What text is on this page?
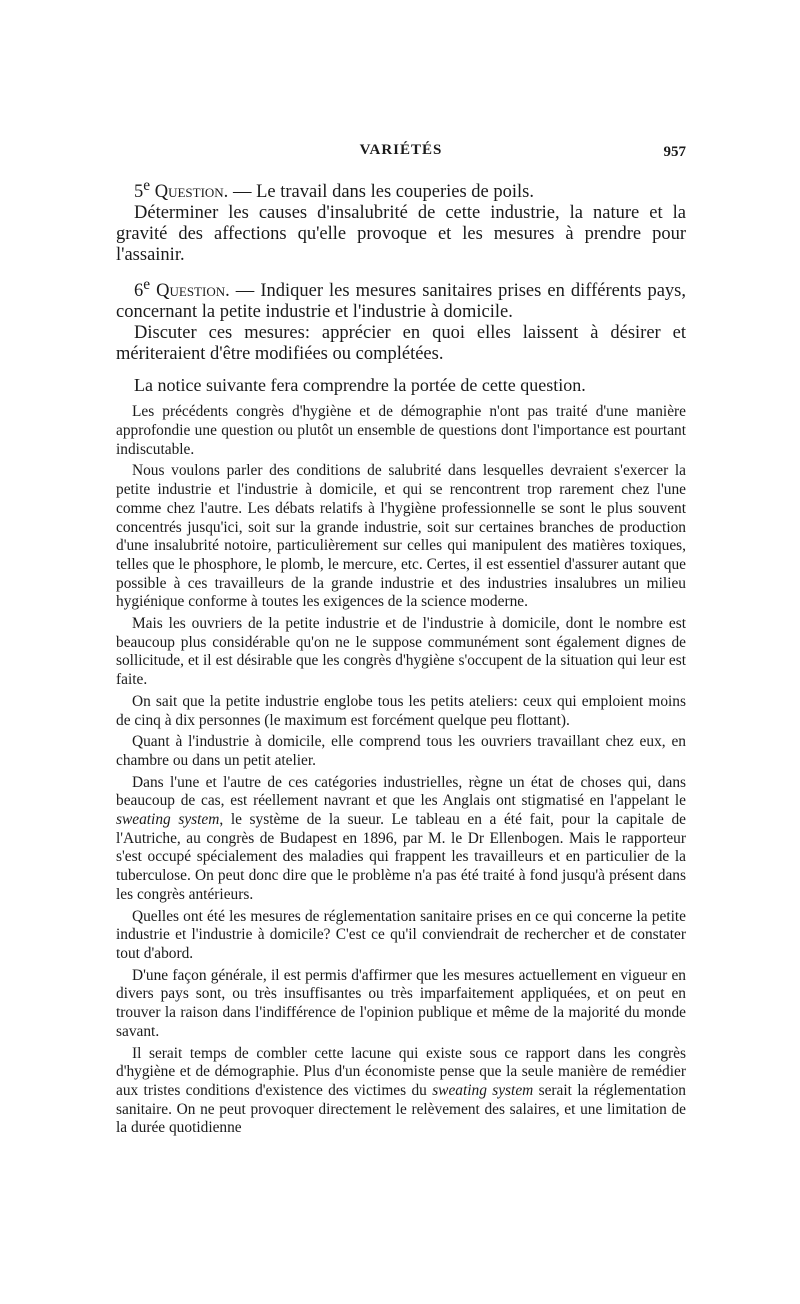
VARIÉTÉS	957

5e Question. — Le travail dans les couperies de poils.

Déterminer les causes d'insalubrité de cette industrie, la nature et la gravité des affections qu'elle provoque et les mesures à prendre pour l'assainir.

6e Question. — Indiquer les mesures sanitaires prises en différents pays, concernant la petite industrie et l'industrie à domicile.

Discuter ces mesures: apprécier en quoi elles laissent à désirer et mériteraient d'être modifiées ou complétées.

La notice suivante fera comprendre la portée de cette question.

Les précédents congrès d'hygiène et de démographie n'ont pas traité d'une manière approfondie une question ou plutôt un ensemble de questions dont l'importance est pourtant indiscutable.

Nous voulons parler des conditions de salubrité dans lesquelles devraient s'exercer la petite industrie et l'industrie à domicile, et qui se rencontrent trop rarement chez l'une comme chez l'autre. Les débats relatifs à l'hygiène professionnelle se sont le plus souvent concentrés jusqu'ici, soit sur la grande industrie, soit sur certaines branches de production d'une insalubrité notoire, particulièrement sur celles qui manipulent des matières toxiques, telles que le phosphore, le plomb, le mercure, etc. Certes, il est essentiel d'assurer autant que possible à ces travailleurs de la grande industrie et des industries insalubres un milieu hygiénique conforme à toutes les exigences de la science moderne.

Mais les ouvriers de la petite industrie et de l'industrie à domicile, dont le nombre est beaucoup plus considérable qu'on ne le suppose communément sont également dignes de sollicitude, et il est désirable que les congrès d'hygiène s'occupent de la situation qui leur est faite.

On sait que la petite industrie englobe tous les petits ateliers: ceux qui emploient moins de cinq à dix personnes (le maximum est forcément quelque peu flottant).

Quant à l'industrie à domicile, elle comprend tous les ouvriers travaillant chez eux, en chambre ou dans un petit atelier.

Dans l'une et l'autre de ces catégories industrielles, règne un état de choses qui, dans beaucoup de cas, est réellement navrant et que les Anglais ont stigmatisé en l'appelant le sweating system, le système de la sueur. Le tableau en a été fait, pour la capitale de l'Autriche, au congrès de Budapest en 1896, par M. le Dr Ellenbogen. Mais le rapporteur s'est occupé spécialement des maladies qui frappent les travailleurs et en particulier de la tuberculose. On peut donc dire que le problème n'a pas été traité à fond jusqu'à présent dans les congrès antérieurs.

Quelles ont été les mesures de réglementation sanitaire prises en ce qui concerne la petite industrie et l'industrie à domicile? C'est ce qu'il conviendrait de rechercher et de constater tout d'abord.

D'une façon générale, il est permis d'affirmer que les mesures actuellement en vigueur en divers pays sont, ou très insuffisantes ou très imparfaitement appliquées, et on peut en trouver la raison dans l'indifférence de l'opinion publique et même de la majorité du monde savant.

Il serait temps de combler cette lacune qui existe sous ce rapport dans les congrès d'hygiène et de démographie. Plus d'un économiste pense que la seule manière de remédier aux tristes conditions d'existence des victimes du sweating system serait la réglementation sanitaire. On ne peut provoquer directement le relèvement des salaires, et une limitation de la durée quotidienne
